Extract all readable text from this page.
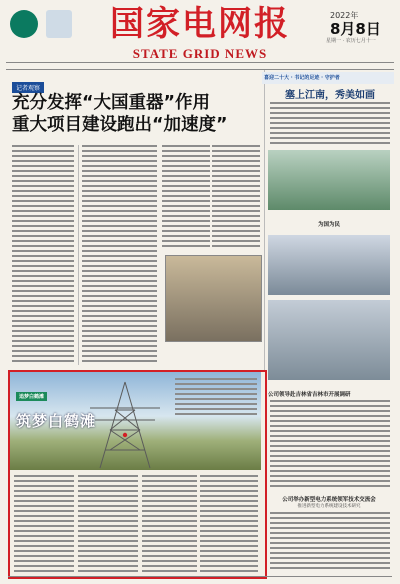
国家电网报
STATE GRID NEWS
2022年
8月8日
星期一 · 农历七月十一
记者观察
充分发挥“大国重器”作用
重大项目建设跑出“加速度”
喜迎二十大 · 书记的足迹 · 守护者
塞上江南，秀美如画
为国为民
公司领导赴吉林省吉林市开展调研
公司举办新型电力系统领军技术交流会
推进新型电力系统建设技术研究
追梦白鹤滩
筑梦白鹤滩
